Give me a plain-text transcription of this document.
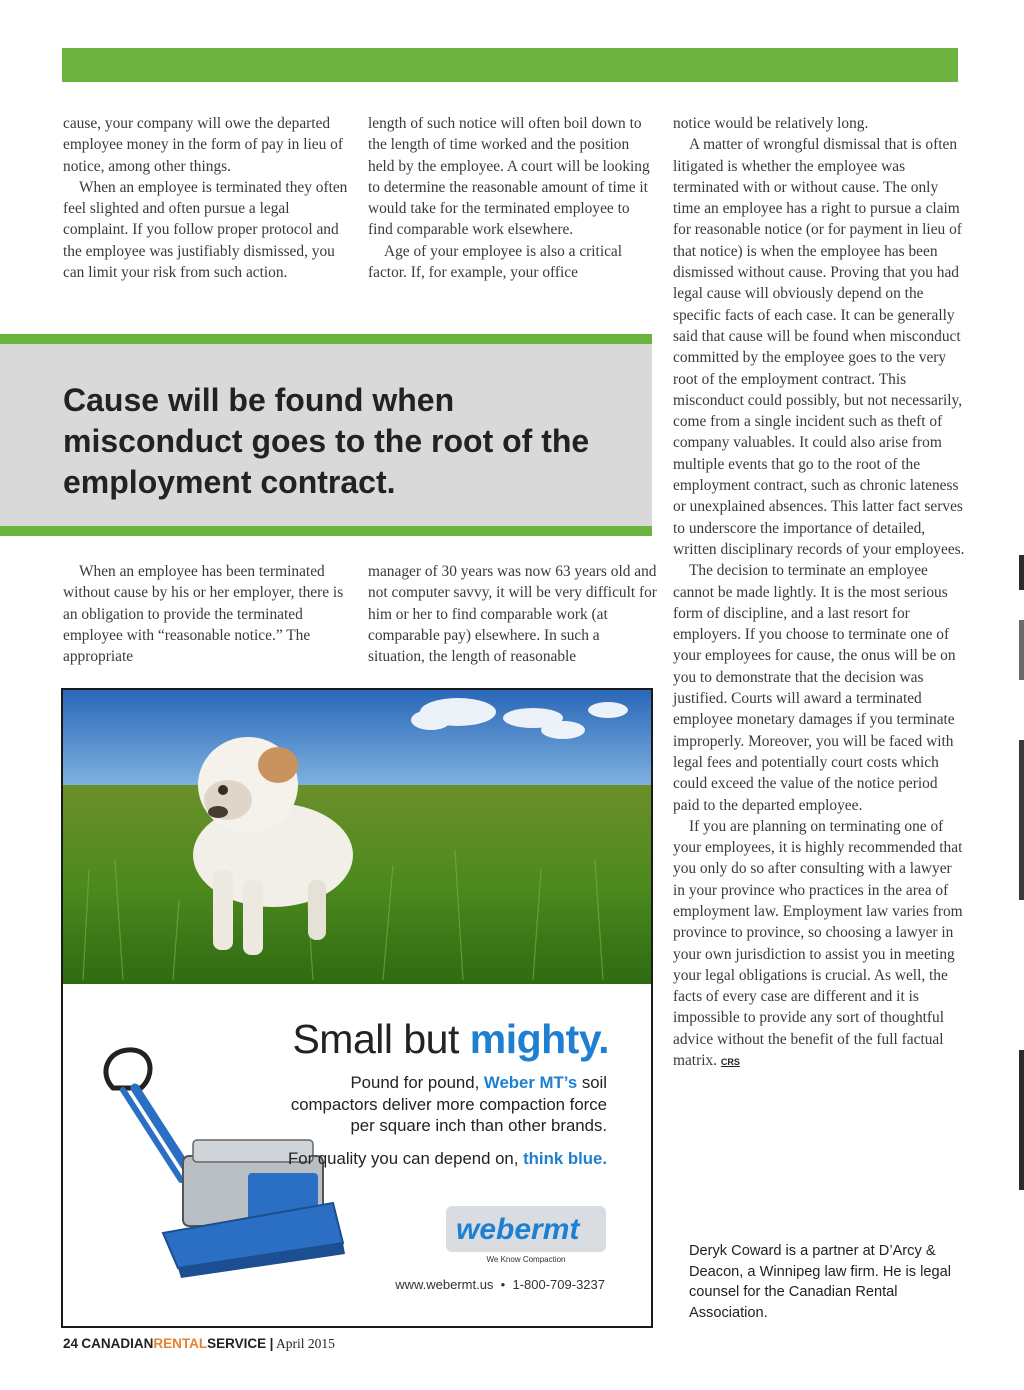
cause, your company will owe the departed employee money in the form of pay in lieu of notice, among other things.

When an employee is terminated they often feel slighted and often pursue a legal complaint. If you follow proper protocol and the employee was justifiably dismissed, you can limit your risk from such action.

length of such notice will often boil down to the length of time worked and the position held by the employee. A court will be looking to determine the reasonable amount of time it would take for the terminated employee to find comparable work elsewhere.

Age of your employee is also a critical factor. If, for example, your office

Cause will be found when misconduct goes to the root of the employment contract.

When an employee has been terminated without cause by his or her employer, there is an obligation to provide the terminated employee with “reasonable notice.” The appropriate

manager of 30 years was now 63 years old and not computer savvy, it will be very difficult for him or her to find comparable work (at comparable pay) elsewhere. In such a situation, the length of reasonable

notice would be relatively long.

A matter of wrongful dismissal that is often litigated is whether the employee was terminated with or without cause. The only time an employee has a right to pursue a claim for reasonable notice (or for payment in lieu of that notice) is when the employee has been dismissed without cause. Proving that you had legal cause will obviously depend on the specific facts of each case. It can be generally said that cause will be found when misconduct committed by the employee goes to the very root of the employment contract. This misconduct could possibly, but not necessarily, come from a single incident such as theft of company valuables. It could also arise from multiple events that go to the root of the employment contract, such as chronic lateness or unexplained absences. This latter fact serves to underscore the importance of detailed, written disciplinary records of your employees.

The decision to terminate an employee cannot be made lightly. It is the most serious form of discipline, and a last resort for employers. If you choose to terminate one of your employees for cause, the onus will be on you to demonstrate that the decision was justified. Courts will award a terminated employee monetary damages if you terminate improperly. Moreover, you will be faced with legal fees and potentially court costs which could exceed the value of the notice period paid to the departed employee.

If you are planning on terminating one of your employees, it is highly recommended that you only do so after consulting with a lawyer in your province who practices in the area of employment law. Employment law varies from province to province, so choosing a lawyer in your own jurisdiction to assist you in meeting your legal obligations is crucial. As well, the facts of every case are different and it is impossible to provide any sort of thoughtful advice without the benefit of the full factual matrix. CRS

Small but mighty.
Pound for pound, Weber MT’s soil compactors deliver more compaction force per square inch than other brands.
For quality you can depend on, think blue.
webermt
We Know Compaction
www.webermt.us • 1-800-709-3237
Deryk Coward is a partner at D’Arcy & Deacon, a Winnipeg law firm. He is legal counsel for the Canadian Rental Association.
24 CANADIANRENTALSERVICE | April 2015
